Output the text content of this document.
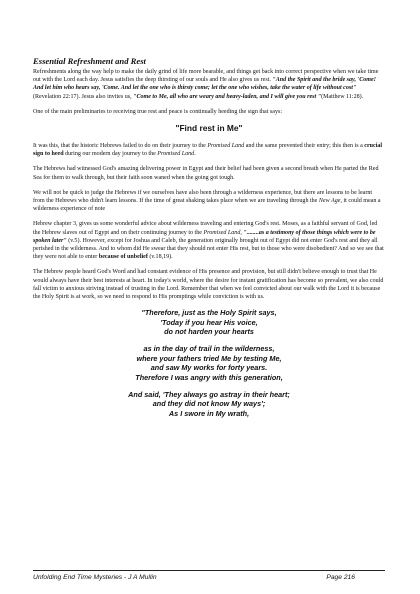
Essential Refreshment and Rest

Refreshments along the way help to make the daily grind of life more bearable, and things get back into correct perspective when we take time out with the Lord each day. Jesus satisfies the deep thirsting of our souls and He also gives us rest. "And the Spirit and the bride say, 'Come! And let him who hears say, 'Come. And let the one who is thirsty come; let the one who wishes, take the water of life without cost" (Revelation 22:17). Jesus also invites us, "Come to Me, all who are weary and heavy-laden, and I will give you rest "(Matthew 11:28).

One of the main preliminaries to receiving true rest and peace is continually heeding the sign that says:

"Find rest in Me"

It was this, that the historic Hebrews failed to do on their journey to the Promised Land and the same prevented their entry; this then is a crucial sign to heed during our modern day journey to the Promised Land.

The Hebrews had witnessed God's amazing delivering power in Egypt and their belief had been given a second breath when He parted the Red Sea for them to walk through, but their faith soon waned when the going got tough.

We will not be quick to judge the Hebrews if we ourselves have also been through a wilderness experience, but there are lessons to be learnt from the Hebrews who didn't learn lessons. If the time of great shaking takes place when we are traveling through the New Age, it could mean a wilderness experience of note

Hebrew chapter 3, gives us some wonderful advice about wilderness traveling and entering God's rest. Moses, as a faithful servant of God, led the Hebrew slaves out of Egypt and on their continuing journey to the Promised Land, "........as a testimony of those things which were to be spoken later" (v.5). However, except for Joshua and Caleb, the generation originally brought out of Egypt did not enter God's rest and they all perished in the wilderness. And to whom did He swear that they should not enter His rest, but to those who were disobedient? And so we see that they were not able to enter because of unbelief (v.18,19).

The Hebrew people heard God's Word and had constant evidence of His presence and provision, but still didn't believe enough to trust that He would always have their best interests at heart. In today's world, where the desire for instant gratification has become so prevalent, we also could fall victim to anxious striving instead of trusting in the Lord. Remember that when we feel convicted about our walk with the Lord it is because the Holy Spirit is at work, so we need to respond to His promptings while conviction is with us.

"Therefore, just as the Holy Spirit says,

'Today if you hear His voice,

do not harden your hearts

as in the day of trail in the wilderness,

where your fathers tried Me by testing Me,

and saw My works for forty years.

Therefore I was angry with this generation,

And said, 'They always go astray in their heart;

and they did not know My ways';

As I swore in My wrath,

Unfolding End Time Mysteries - J A Mullin	Page 216
